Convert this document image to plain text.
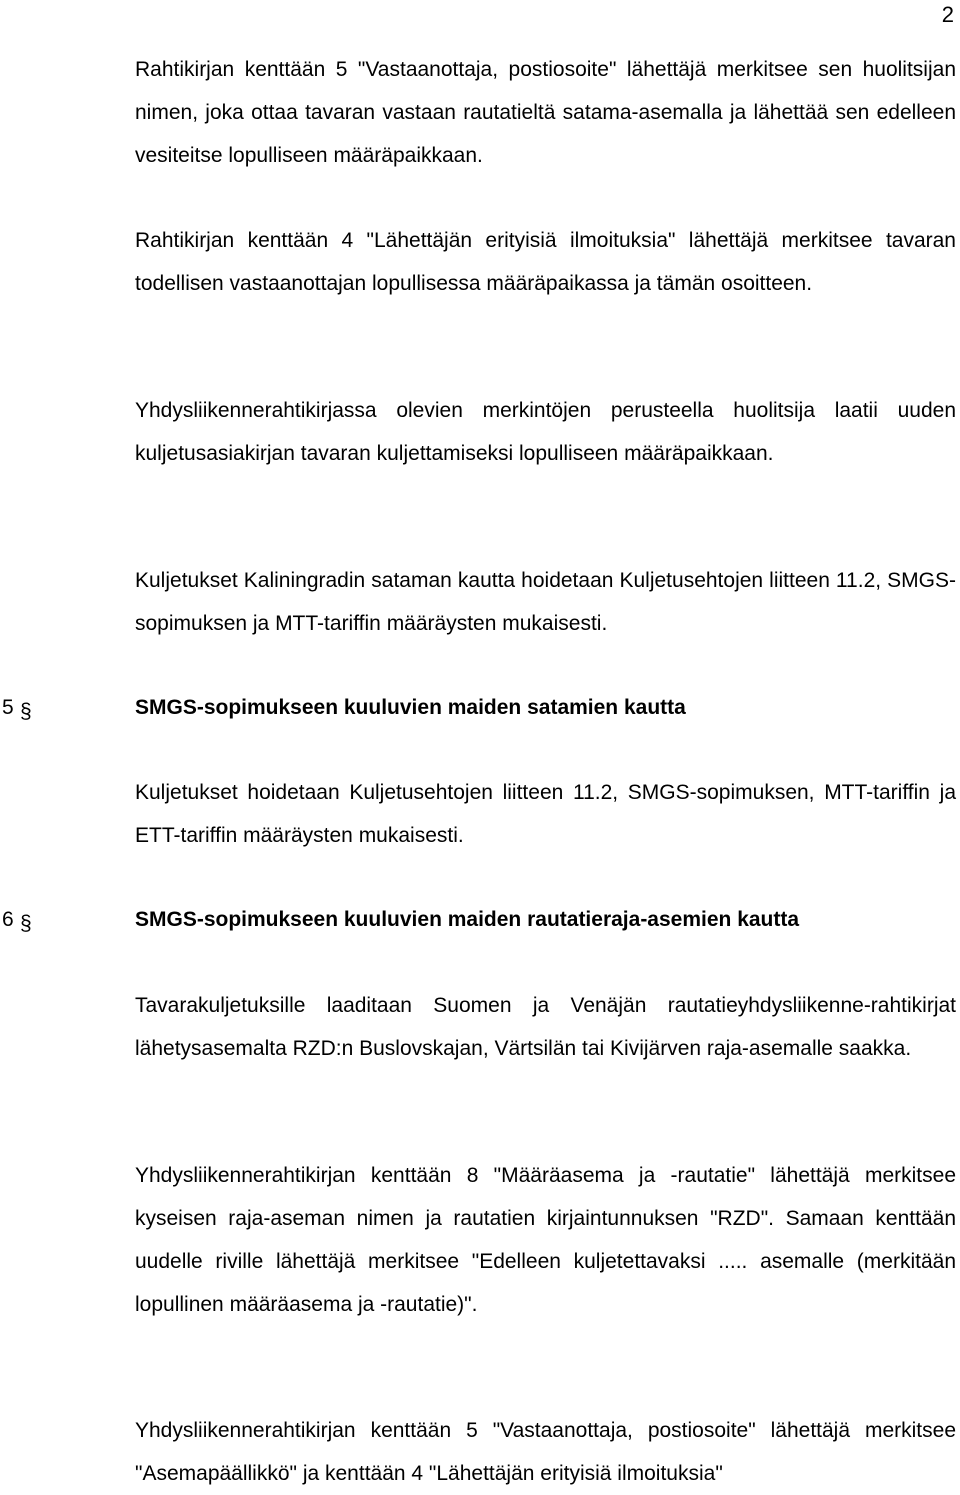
2

Rahtikirjan kenttään 5 "Vastaanottaja, postiosoite" lähettäjä merkitsee sen huolitsijan nimen, joka ottaa tavaran vastaan rautatieltä satama-asemalla ja lähettää sen edelleen vesiteitse lopulliseen määräpaikkaan.

Rahtikirjan kenttään 4 "Lähettäjän erityisiä ilmoituksia" lähettäjä merkitsee tavaran todellisen vastaanottajan lopullisessa määräpaikassa ja tämän osoitteen.

Yhdysliikennerahtikirjassa olevien merkintöjen perusteella huolitsija laatii uuden kuljetusasiakirjan tavaran kuljettamiseksi lopulliseen määräpaikkaan.

Kuljetukset Kaliningradin sataman kautta hoidetaan Kuljetusehtojen liitteen 11.2, SMGS-sopimuksen ja MTT-tariffin määräysten mukaisesti.

5 §	SMGS-sopimukseen kuuluvien maiden satamien kautta

Kuljetukset hoidetaan Kuljetusehtojen liitteen 11.2, SMGS-sopimuksen, MTT-tariffin ja ETT-tariffin määräysten mukaisesti.

6 §	SMGS-sopimukseen kuuluvien maiden rautatieraja-asemien kautta

Tavarakuljetuksille laaditaan Suomen ja Venäjän rautatieyhdysliikenne-rahtikirjat lähetysasemalta RZD:n Buslovskajan, Värtsilän tai Kivijärven raja-asemalle saakka.

Yhdysliikennerahtikirjan kenttään 8 "Määräasema ja -rautatie" lähettäjä merkitsee kyseisen raja-aseman nimen ja rautatien kirjaintunnuksen "RZD". Samaan kenttään uudelle riville lähettäjä merkitsee "Edelleen kuljetettavaksi ..... asemalle (merkitään lopullinen määräasema ja -rautatie)".

Yhdysliikennerahtikirjan kenttään 5 "Vastaanottaja, postiosoite" lähettäjä merkitsee "Asemapäällikkö" ja kenttään 4 "Lähettäjän erityisiä ilmoituksia"
